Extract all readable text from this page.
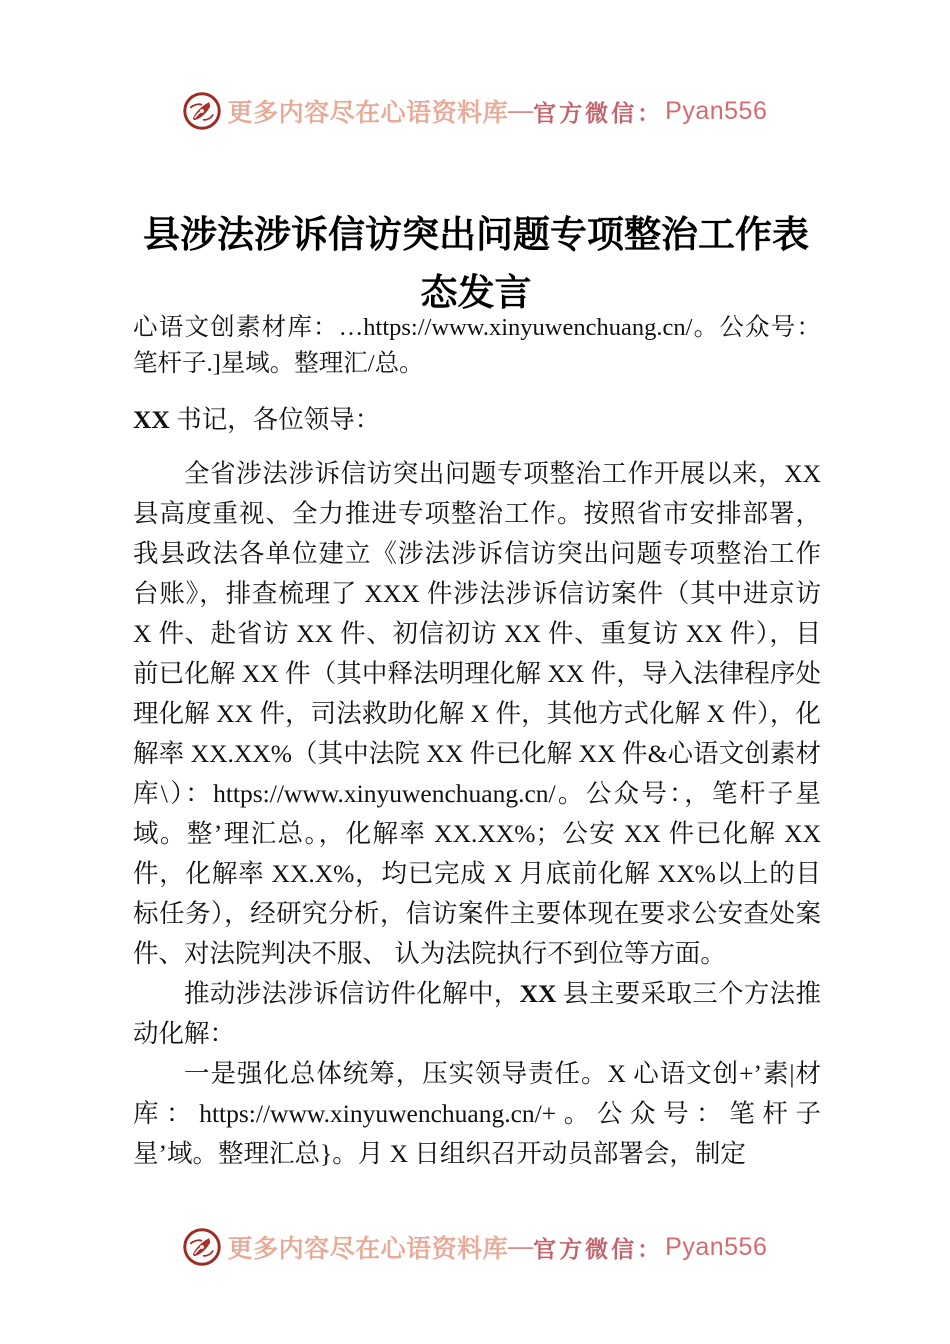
更多内容尽在心语资料库 — 官方微信： Pyan556
县涉法涉诉信访突出问题专项整治工作表
态发言

心语文创素材库：…https://www.xinyuwenchuang.cn/。公众号：笔杆子.]星域。整理汇/总。

XX 书记，各位领导：

全省涉法涉诉信访突出问题专项整治工作开展以来，XX县高度重视、全力推进专项整治工作。按照省市安排部署，我县政法各单位建立《涉法涉诉信访突出问题专项整治工作台账》，排查梳理了 XXX 件涉法涉诉信访案件（其中进京访 X 件、赴省访 XX 件、初信初访 XX 件、重复访 XX 件），目前已化解 XX 件（其中释法明理化解 XX 件，导入法律程序处理化解 XX 件，司法救助化解 X 件，其他方式化解 X 件），化解率 XX.XX%（其中法院 XX 件已化解 XX 件&心语文创素材库\）：https://www.xinyuwenchuang.cn/。公众号：，笔杆子星域。整’理汇总。，化解率 XX.XX%；公安 XX 件已化解 XX 件，化解率 XX.X%，均已完成 X 月底前化解 XX%以上的目标任务），经研究分析，信访案件主要体现在要求公安查处案件、对法院判决不服、 认为法院执行不到位等方面。

推动涉法涉诉信访件化解中，XX 县主要采取三个方法推动化解：

一是强化总体统筹，压实领导责任。X 心语文创+’素|材库：https://www.xinyuwenchuang.cn/+。公众号：笔杆子星’域。整理汇总}。月 X 日组织召开动员部署会，制定

更多内容尽在心语资料库 — 官方微信： Pyan556
